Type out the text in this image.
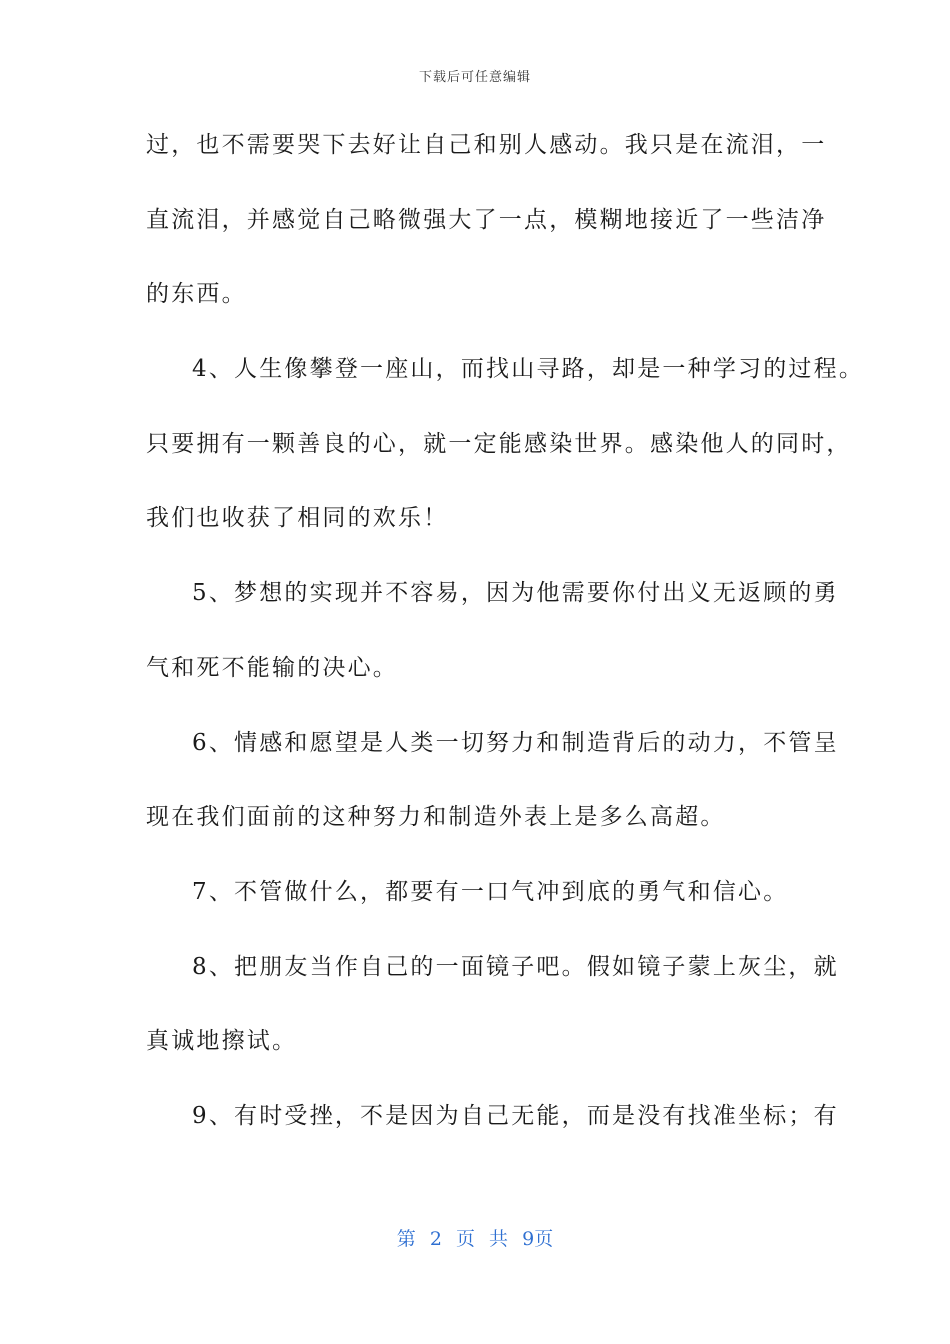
下载后可任意编辑
过，也不需要哭下去好让自己和别人感动。我只是在流泪，一
直流泪，并感觉自己略微强大了一点，模糊地接近了一些洁净
的东西。
4、人生像攀登一座山，而找山寻路，却是一种学习的过程。
只要拥有一颗善良的心，就一定能感染世界。感染他人的同时，
我们也收获了相同的欢乐！
5、梦想的实现并不容易，因为他需要你付出义无返顾的勇
气和死不能输的决心。
6、情感和愿望是人类一切努力和制造背后的动力，不管呈
现在我们面前的这种努力和制造外表上是多么高超。
7、不管做什么，都要有一口气冲到底的勇气和信心。
8、把朋友当作自己的一面镜子吧。假如镜子蒙上灰尘，就
真诚地擦试。
9、有时受挫，不是因为自己无能，而是没有找准坐标；有
第 2 页 共 9页
